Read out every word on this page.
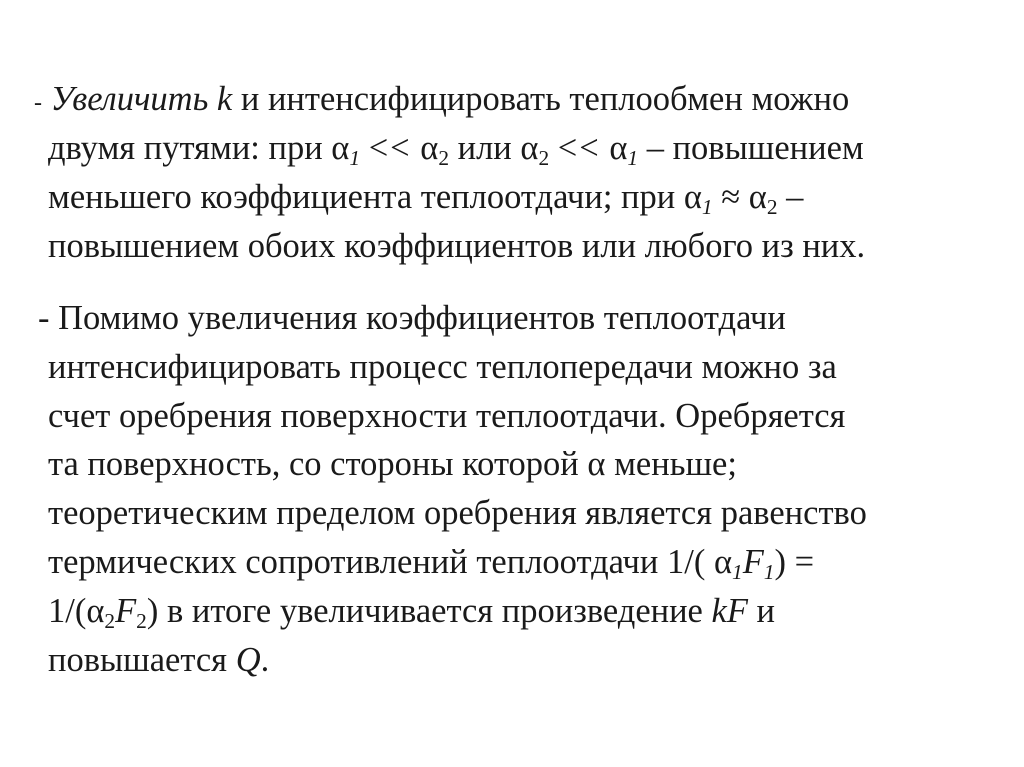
- Увеличить k и интенсифицировать теплообмен можно
двумя путями: при $\alpha_1 << \alpha_2$ или $\alpha_2 << \alpha_1$ – повышением
меньшего коэффициента теплоотдачи; при $\alpha_1 \approx \alpha_2$ –
повышением обоих коэффициентов или любого из них.
- Помимо увеличения коэффициентов теплоотдачи
интенсифицировать процесс теплопередачи можно за
счет оребрения поверхности теплоотдачи. Оребряется
та поверхность, со стороны которой α меньше;
теоретическим пределом оребрения является равенство
термических сопротивлений теплоотдачи 1/( $\alpha_1F_1$) =
$1/(\alpha_2F_2)$ в итоге увеличивается произведение kF и
повышается Q.
